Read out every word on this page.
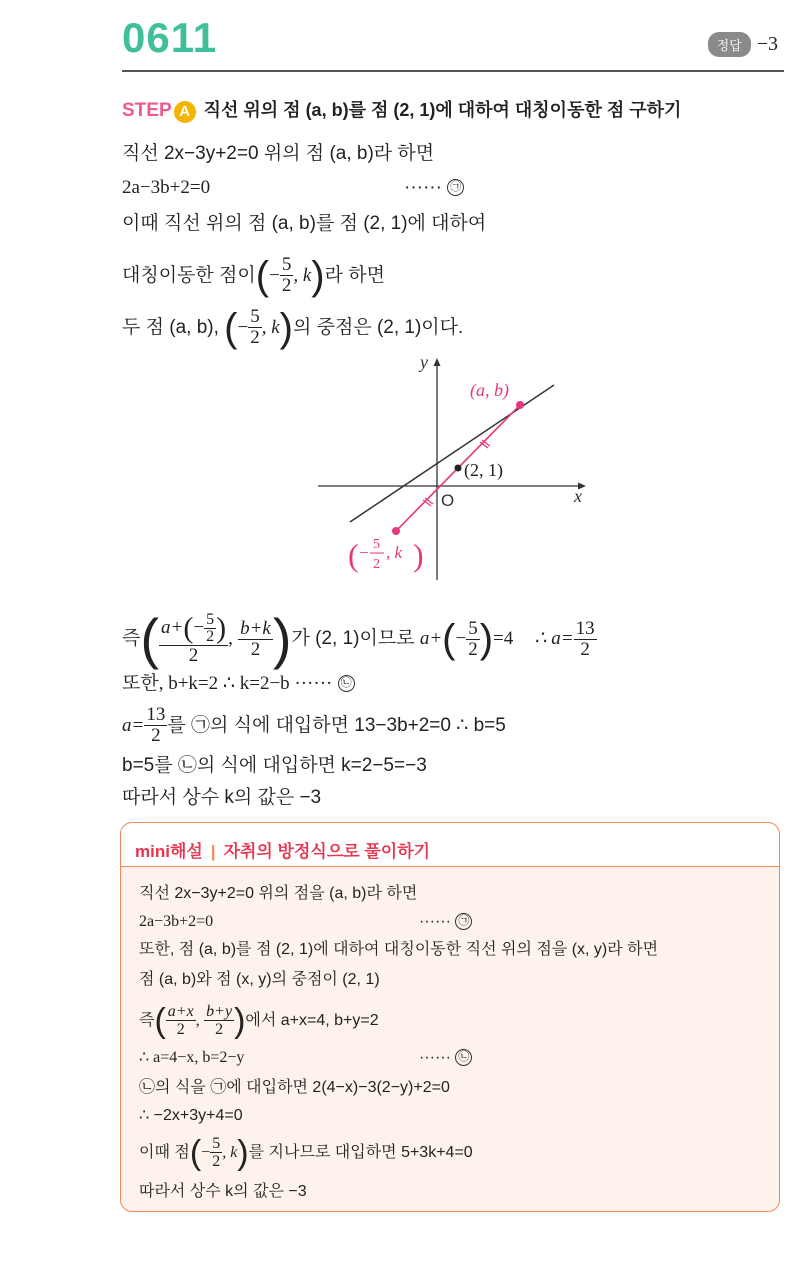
0611	정답 −3
STEP A 직선 위의 점 (a, b)를 점 (2, 1)에 대하여 대칭이동한 점 구하기
직선 2x−3y+2=0 위의 점 (a, b)라 하면
2a−3b+2=0	······ ㉠
이때 직선 위의 점 (a, b)를 점 (2, 1)에 대하여
대칭이동한 점이(− $\frac{5}{2}$ , k)라 하면
두 점 (a, b), (− $\frac{5}{2}$ , k)의 중점은 (2, 1)이다.
y
x
O
(a, b)
(2, 1)
( − 5
2
, k )
즉( $\frac{a+(- \frac{5}{2} )}{2}$ , $\frac{b+k}{2}$ )가 (2, 1)이므로 $a+(- \frac{5}{2} )=4$ ∴ $a= \frac{13}{2}$
또한, b+k=2 ∴ k=2−b ······ ㉡
$a= \frac{13}{2}$ 를 ㉠의 식에 대입하면 13−3b+2=0 ∴ b=5
b=5를 ㉡의 식에 대입하면 k=2−5=−3
따라서 상수 k의 값은 −3
mini해설 | 자취의 방정식으로 풀이하기
직선 2x−3y+2=0 위의 점을 (a, b)라 하면
2a−3b+2=0	······ ㉠
또한, 점 (a, b)를 점 (2, 1)에 대하여 대칭이동한 직선 위의 점을 (x, y)라 하면
점 (a, b)와 점 (x, y)의 중점이 (2, 1)
즉( $\frac{a+x}{2}$ , $\frac{b+y}{2}$ )에서 a+x=4, b+y=2
∴ a=4−x, b=2−y	······ ㉡
㉡의 식을 ㉠에 대입하면 2(4−x)−3(2−y)+2=0
∴ −2x+3y+4=0
이때 점(− $\frac{5}{2}$ , k)를 지나므로 대입하면 5+3k+4=0
따라서 상수 k의 값은 −3
